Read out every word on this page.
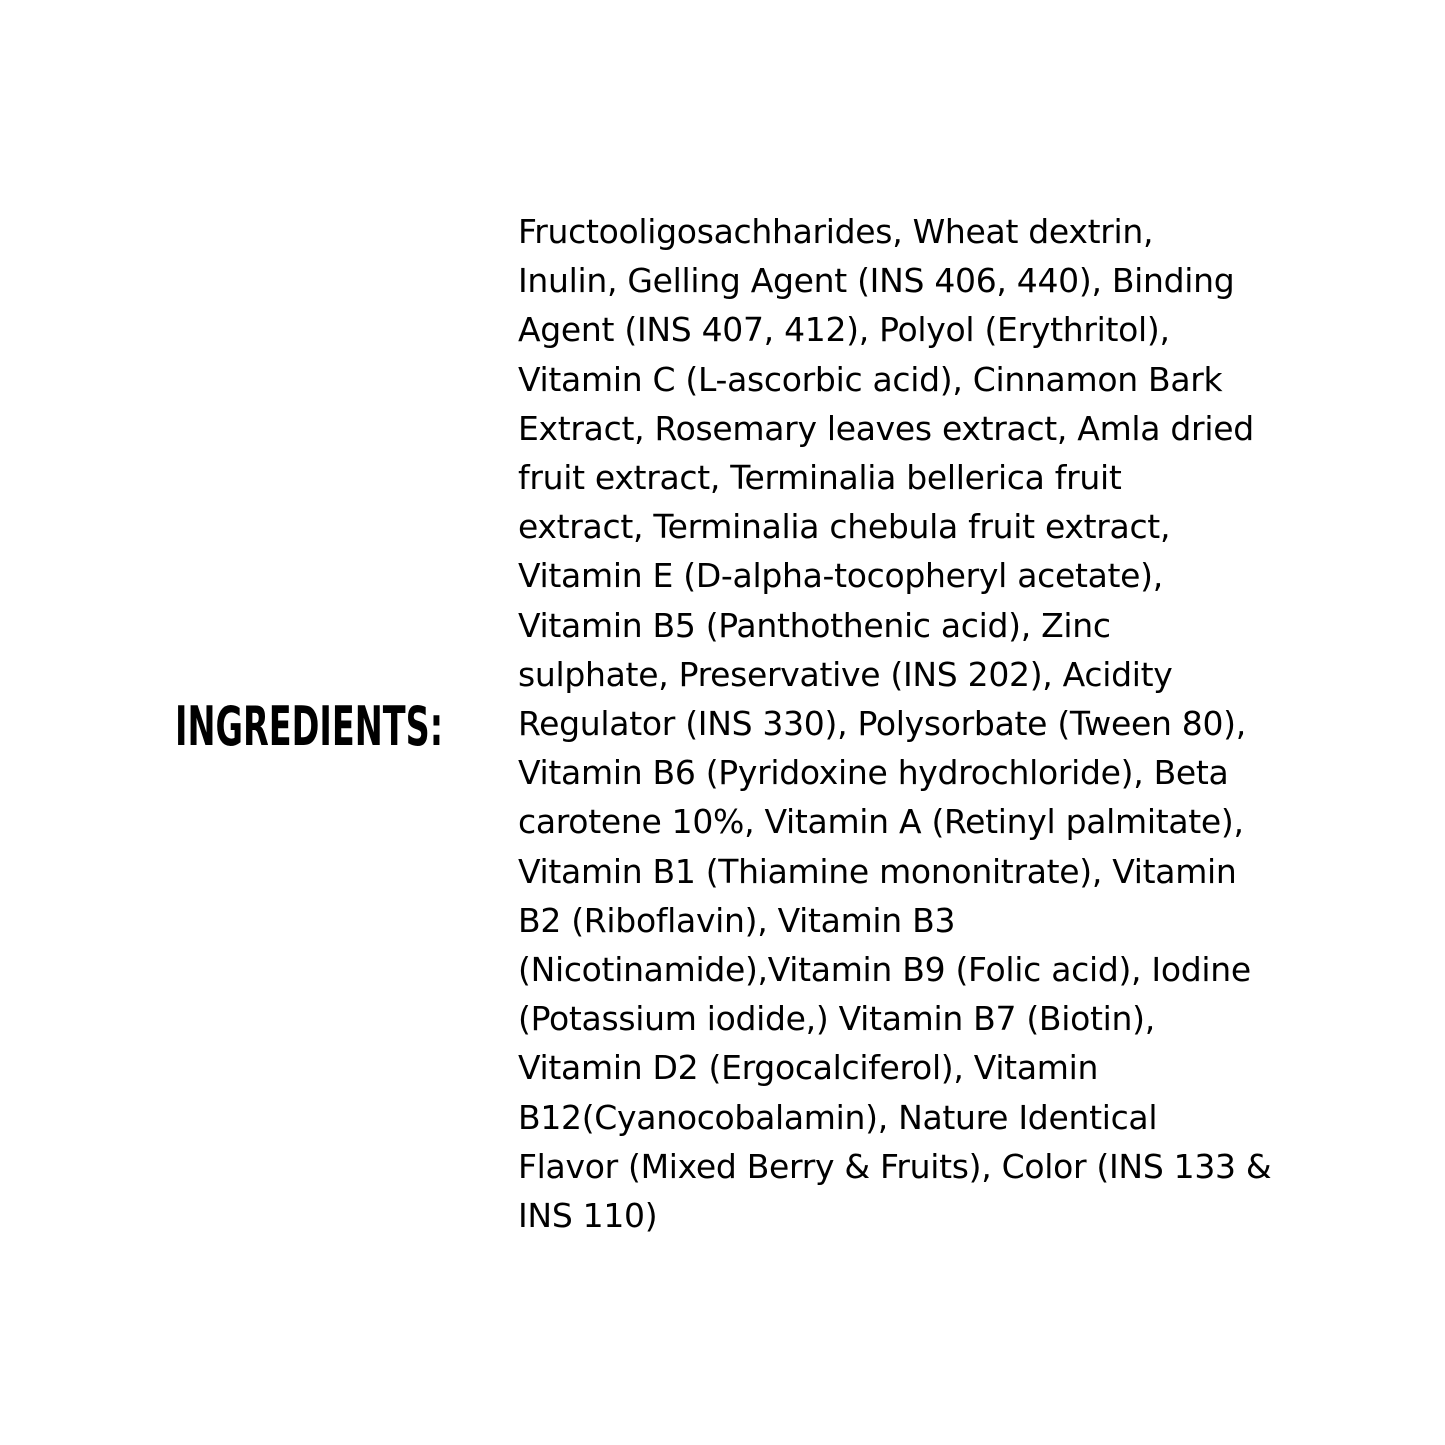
INGREDIENTS:
Fructooligosachharides, Wheat dextrin,
Inulin, Gelling Agent (INS 406, 440), Binding
Agent (INS 407, 412), Polyol (Erythritol),
Vitamin C (L-ascorbic acid), Cinnamon Bark
Extract, Rosemary leaves extract, Amla dried
fruit extract, Terminalia bellerica fruit
extract, Terminalia chebula fruit extract,
Vitamin E (D-alpha-tocopheryl acetate),
Vitamin B5 (Panthothenic acid), Zinc
sulphate, Preservative (INS 202), Acidity
Regulator (INS 330), Polysorbate (Tween 80),
Vitamin B6 (Pyridoxine hydrochloride), Beta
carotene 10%, Vitamin A (Retinyl palmitate),
Vitamin B1 (Thiamine mononitrate), Vitamin
B2 (Riboflavin), Vitamin B3
(Nicotinamide),Vitamin B9 (Folic acid), Iodine
(Potassium iodide,) Vitamin B7 (Biotin),
Vitamin D2 (Ergocalciferol), Vitamin
B12(Cyanocobalamin), Nature Identical
Flavor (Mixed Berry & Fruits), Color (INS 133 &
INS 110)
